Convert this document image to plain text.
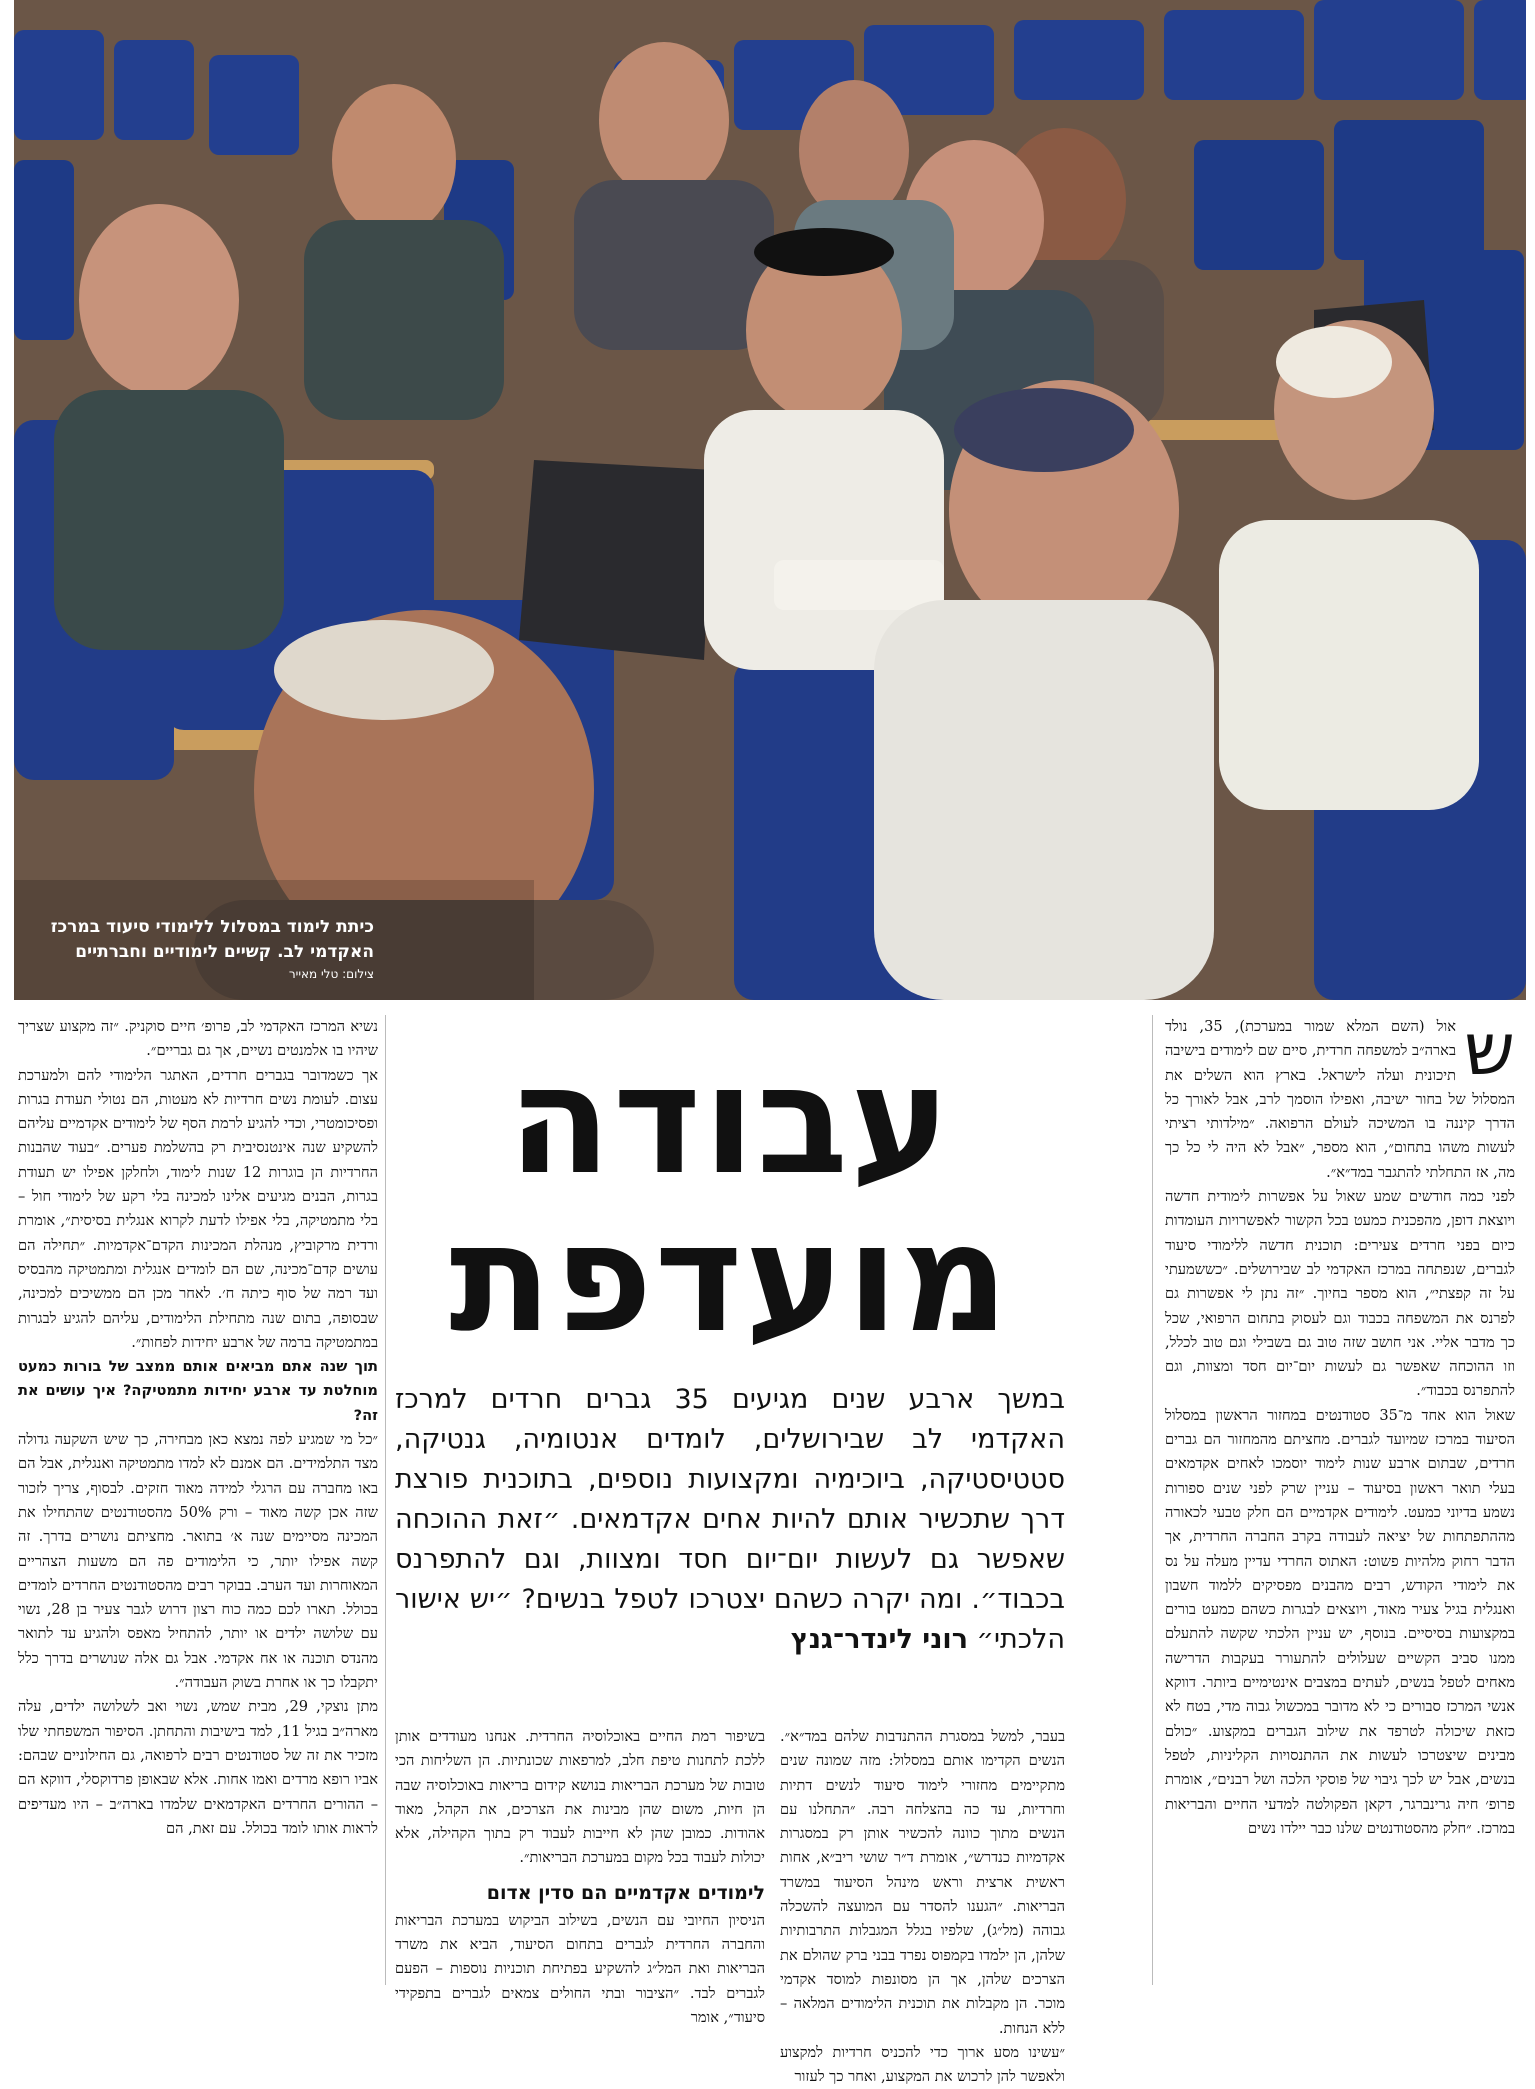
כיתת לימוד במסלול ללימודי סיעוד במרכז
האקדמי לב. קשיים לימודיים וחברתיים
צילום: טלי מאייר
עבודה
מועדפת
במשך ארבע שנים מגיעים 35 גברים חרדים למרכז האקדמי לב שבירושלים, לומדים אנטומיה, גנטיקה, סטטיסטיקה, ביוכימיה ומקצועות נוספים, בתוכנית פורצת דרך שתכשיר אותם להיות אחים אקדמאים. ״זאת ההוכחה שאפשר גם לעשות יום־יום חסד ומצוות, וגם להתפרנס בכבוד״. ומה יקרה כשהם יצטרכו לטפל בנשים? ״יש אישור הלכתי״ רוני לינדר־גנץ

ש
אול (השם המלא שמור במערכת), 35, נולד בארה״ב למשפחה חרדית, סיים שם לימודים בישיבה תיכונית ועלה לישראל. בארץ הוא השלים את המסלול של בחור ישיבה, ואפילו הוסמך לרב, אבל לאורך כל הדרך קיננה בו המשיכה לעולם הרפואה. ״מילדותי רציתי לעשות משהו בתחום״, הוא מספר, ״אבל לא היה לי כל כך מה, אז התחלתי להתגבר במד״א״.

לפני כמה חודשים שמע שאול על אפשרות לימודית חדשה ויוצאת דופן, מהפכנית כמעט בכל הקשור לאפשרויות העומדות כיום בפני חרדים צעירים: תוכנית חדשה ללימודי סיעוד לגברים, שנפתחה במרכז האקדמי לב שבירושלים. ״כששמעתי על זה קפצתי״, הוא מספר בחיוך. ״זה נתן לי אפשרות גם לפרנס את המשפחה בכבוד וגם לעסוק בתחום הרפואי, שכל כך מדבר אליי. אני חושב שזה טוב גם בשבילי וגם טוב לכלל, וזו ההוכחה שאפשר גם לעשות יום־יום חסד ומצוות, וגם להתפרנס בכבוד״.

שאול הוא אחד מ־35 סטודנטים במחזור הראשון במסלול הסיעוד במרכז שמיועד לגברים. מחציתם מהמחזור הם גברים חרדים, שבתום ארבע שנות לימוד יוסמכו לאחים אקדמאים בעלי תואר ראשון בסיעוד – עניין שרק לפני שנים ספורות נשמע בדיוני כמעט. לימודים אקדמיים הם חלק טבעי לכאורה מההתפתחות של יציאה לעבודה בקרב החברה החרדית, אך הדבר רחוק מלהיות פשוט: האתוס החרדי עדיין מעלה על נס את לימודי הקודש, רבים מהבנים מפסיקים ללמוד חשבון ואנגלית בגיל צעיר מאוד, ויוצאים לבגרות כשהם כמעט בורים במקצועות בסיסיים. בנוסף, יש עניין הלכתי שקשה להתעלם ממנו סביב הקשיים שעלולים להתעורר בעקבות הדרישה מאחים לטפל בנשים, לעתים במצבים אינטימיים ביותר. דווקא אנשי המרכז סבורים כי לא מדובר במכשול גבוה מדי, בטח לא כזאת שיכולה לטרפד את שילוב הגברים במקצוע. ״כולם מבינים שיצטרכו לעשות את ההתנסויות הקליניות, לטפל בנשים, אבל יש לכך גיבוי של פוסקי הלכה ושל רבנים״, אומרת פרופ׳ חיה גרינברגר, דקאן הפקולטה למדעי החיים והבריאות במרכז. ״חלק מהסטודנטים שלנו כבר יילדו נשים

בעבר, למשל במסגרת ההתנדבות שלהם במד״א״. הנשים הקדימו אותם במסלול: מזה שמונה שנים מתקיימים מחזורי לימוד סיעוד לנשים דתיות וחרדיות, עד כה בהצלחה רבה. ״התחלנו עם הנשים מתוך כוונה להכשיר אותן רק במסגרות אקדמיות כנדרש״, אומרת ד״ר שושי ריב״א, אחות ראשית ארצית וראש מינהל הסיעוד במשרד הבריאות. ״הגענו להסדר עם המועצה להשכלה גבוהה (מל״ג), שלפיו בגלל המגבלות התרבותיות שלהן, הן ילמדו בקמפוס נפרד בבני ברק שהולם את הצרכים שלהן, אך הן מסונפות למוסד אקדמי מוכר. הן מקבלות את תוכנית הלימודים המלאה – ללא הנחות.

״עשינו מסע ארוך כדי להכניס חרדיות למקצוע ולאפשר להן לרכוש את המקצוע, ואחר כך לעזור

בשיפור רמת החיים באוכלוסיה החרדית. אנחנו מעודדים אותן ללכת לתחנות טיפת חלב, למרפאות שכונתיות. הן השליחות הכי טובות של מערכת הבריאות בנושא קידום בריאות באוכלוסיה שבה הן חיות, משום שהן מבינות את הצרכים, את הקהל, מאוד אהודות. כמובן שהן לא חייבות לעבוד רק בתוך הקהילה, אלא יכולות לעבוד בכל מקום במערכת הבריאות״.

לימודים אקדמיים הם סדין אדום

הניסיון החיובי עם הנשים, בשילוב הביקוש במערכת הבריאות והחברה החרדית לגברים בתחום הסיעוד, הביא את משרד הבריאות ואת המל״ג להשקיע בפתיחת תוכניות נוספות – הפעם לגברים לבד. ״הציבור ובתי החולים צמאים לגברים בתפקידי סיעוד״, אומר

נשיא המרכז האקדמי לב, פרופ׳ חיים סוקניק. ״זה מקצוע שצריך שיהיו בו אלמנטים נשיים, אך גם גבריים״.

אך כשמדובר בגברים חרדים, האתגר הלימודי להם ולמערכת עצום. לעומת נשים חרדיות לא מעטות, הם נטולי תעודת בגרות ופסיכומטרי, וכדי להגיע לרמת הסף של לימודים אקדמיים עליהם להשקיע שנה אינטנסיבית רק בהשלמת פערים. ״בעוד שהבנות החרדיות הן בוגרות 12 שנות לימוד, ולחלקן אפילו יש תעודת בגרות, הבנים מגיעים אלינו למכינה בלי רקע של לימודי חול – בלי מתמטיקה, בלי אפילו לדעת לקרוא אנגלית בסיסית״, אומרת ורדית מרקוביץ, מנהלת המכינות הקדם־אקדמיות. ״תחילה הם עושים קדם־מכינה, שם הם לומדים אנגלית ומתמטיקה מהבסיס ועד רמה של סוף כיתה ח׳. לאחר מכן הם ממשיכים למכינה, שבסופה, בתום שנה מתחילת הלימודים, עליהם להגיע לבגרות במתמטיקה ברמה של ארבע יחידות לפחות״.

תוך שנה אתם מביאים אותם ממצב של בורות כמעט מוחלטת עד ארבע יחידות מתמטיקה? איך עושים את זה?

״כל מי שמגיע לפה נמצא כאן מבחירה, כך שיש השקעה גדולה מצד התלמידים. הם אמנם לא למדו מתמטיקה ואנגלית, אבל הם באו מחברה עם הרגלי למידה מאוד חזקים. לבסוף, צריך לזכור שזה אכן קשה מאוד – ורק 50% מהסטודנטים שהתחילו את המכינה מסיימים שנה א׳ בתואר. מחציתם נושרים בדרך. זה קשה אפילו יותר, כי הלימודים פה הם משעות הצהריים המאוחרות ועד הערב. בבוקר רבים מהסטודנטים החרדים לומדים בכולל. תארו לכם כמה כוח רצון דרוש לגבר צעיר בן 28, נשוי עם שלושה ילדים או יותר, להתחיל מאפס ולהגיע עד לתואר מהנדס תוכנה או אח אקדמי. אבל גם אלה שנושרים בדרך כלל יתקבלו כך או אחרת בשוק העבודה״.

מתן נוצקי, 29, מבית שמש, נשוי ואב לשלושה ילדים, עלה מארה״ב בגיל 11, למד בישיבות והתחתן. הסיפור המשפחתי שלו מזכיר את זה של סטודנטים רבים לרפואה, גם החילוניים שבהם: אביו רופא מרדים ואמו אחות. אלא שבאופן פרדוקסלי, דווקא הם – ההורים החרדים האקדמאים שלמדו בארה״ב – היו מעדיפים לראות אותו לומד בכולל. עם זאת, הם
